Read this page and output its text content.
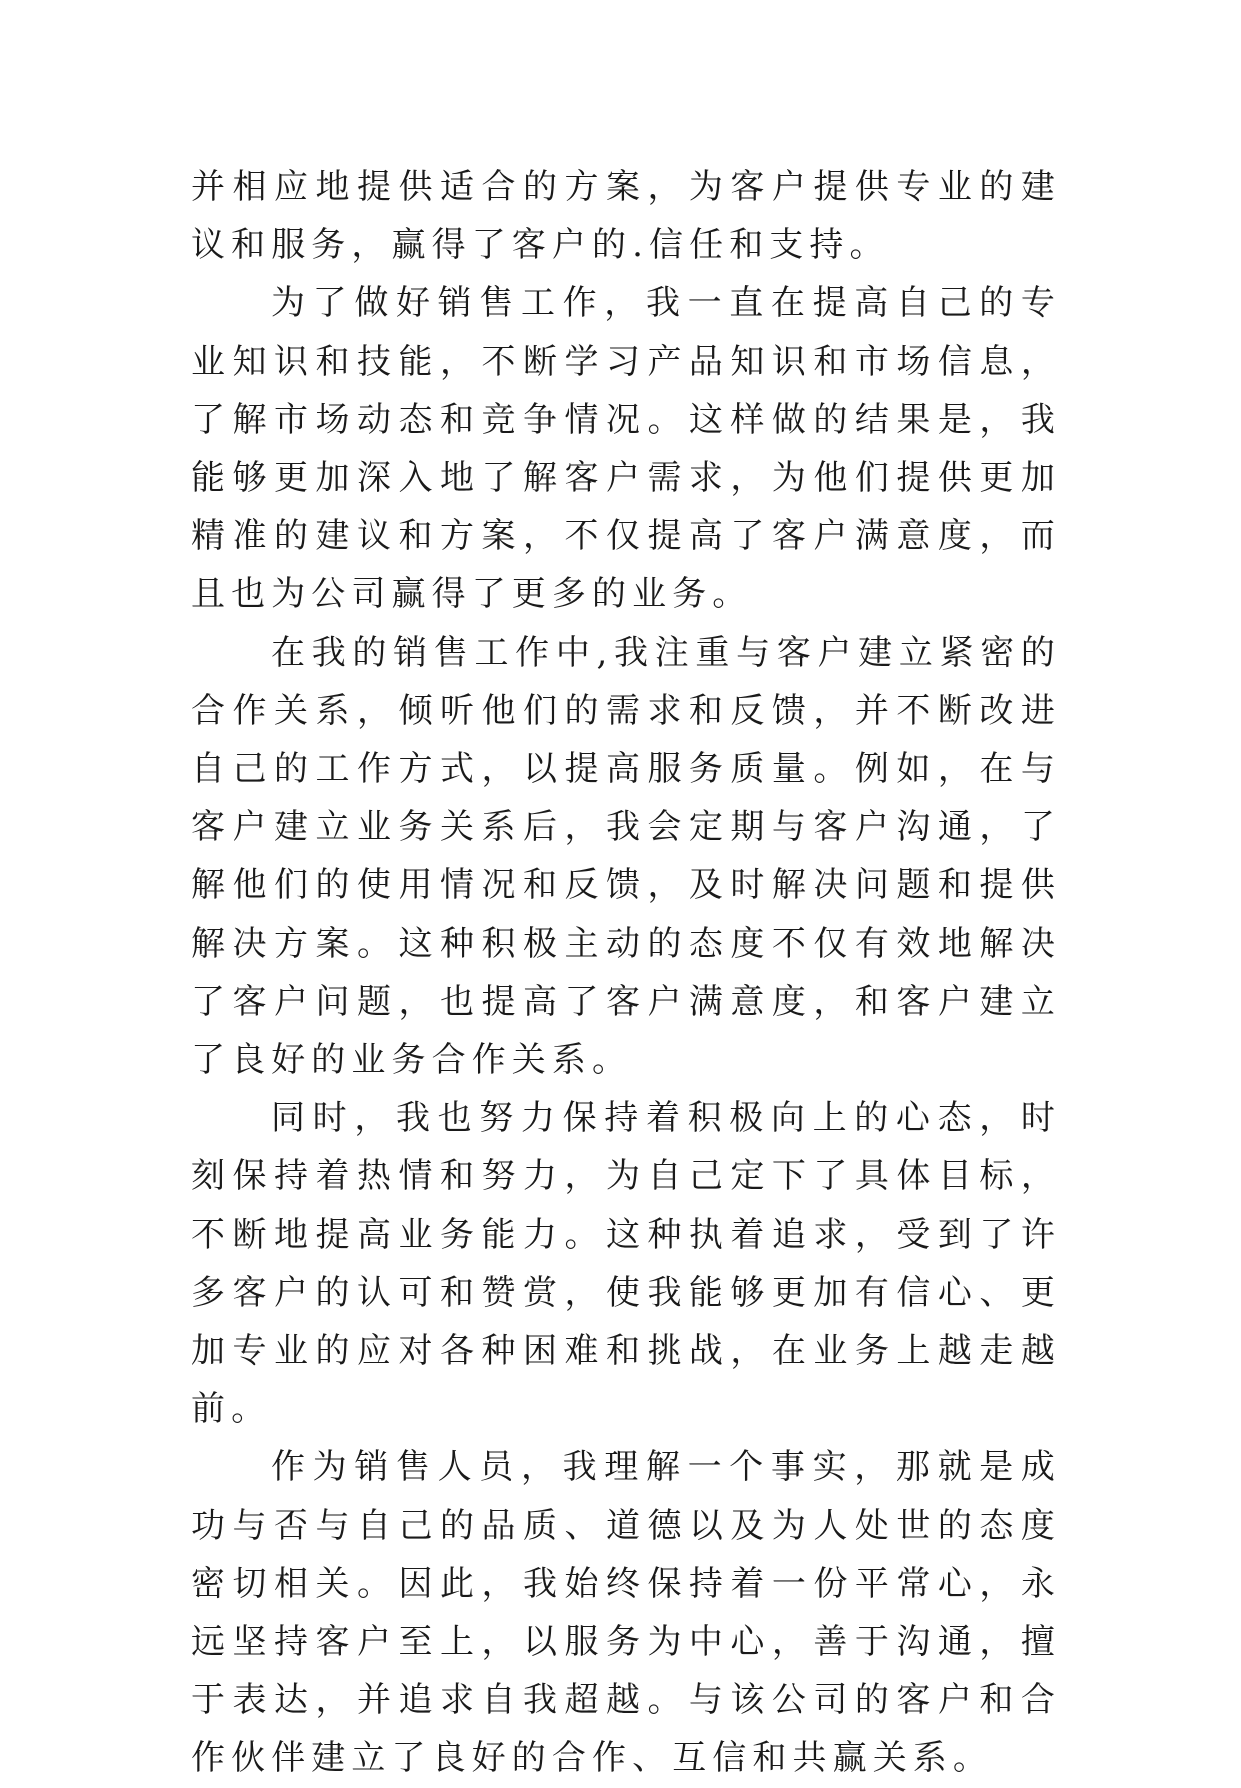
并相应地提供适合的方案，为客户提供专业的建议和服务，赢得了客户的.信任和支持。

为了做好销售工作，我一直在提高自己的专业知识和技能，不断学习产品知识和市场信息，了解市场动态和竞争情况。这样做的结果是，我能够更加深入地了解客户需求，为他们提供更加精准的建议和方案，不仅提高了客户满意度，而且也为公司赢得了更多的业务。

在我的销售工作中,我注重与客户建立紧密的合作关系，倾听他们的需求和反馈，并不断改进自己的工作方式，以提高服务质量。例如，在与客户建立业务关系后，我会定期与客户沟通，了解他们的使用情况和反馈，及时解决问题和提供解决方案。这种积极主动的态度不仅有效地解决了客户问题，也提高了客户满意度，和客户建立了良好的业务合作关系。

同时，我也努力保持着积极向上的心态，时刻保持着热情和努力，为自己定下了具体目标，不断地提高业务能力。这种执着追求，受到了许多客户的认可和赞赏，使我能够更加有信心、更加专业的应对各种困难和挑战，在业务上越走越前。

作为销售人员，我理解一个事实，那就是成功与否与自己的品质、道德以及为人处世的态度密切相关。因此，我始终保持着一份平常心，永远坚持客户至上，以服务为中心，善于沟通，擅于表达，并追求自我超越。与该公司的客户和合作伙伴建立了良好的合作、互信和共赢关系。
